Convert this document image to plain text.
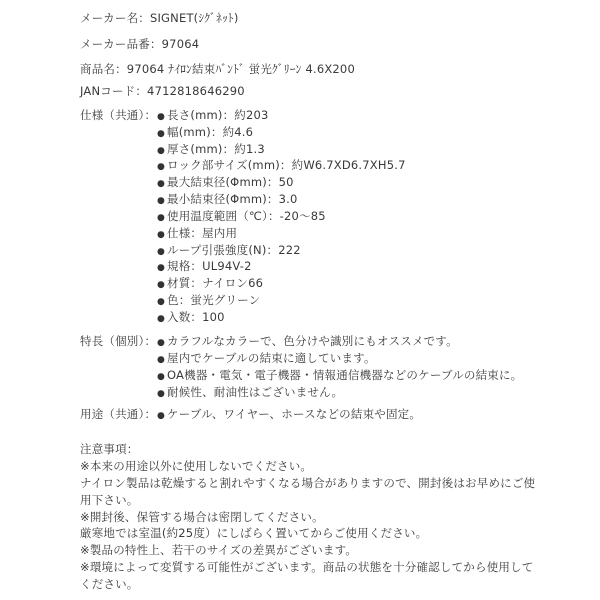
メーカー名：SIGNET(ｼｸﾞﾈｯﾄ)
メーカー品番：97064
商品名：97064 ﾅｲﾛﾝ結束ﾊﾞﾝﾄﾞ 蛍光ｸﾞﾘｰﾝ 4.6X200
JANコード：4712818646290
仕様（共通）： ● 長さ(mm)：約203
● 幅(mm)：約4.6
● 厚さ(mm)：約1.3
● ロック部サイズ(mm)：約W6.7XD6.7XH5.7
● 最大結束径(Φmm)：50
● 最小結束径(Φmm)：3.0
● 使用温度範囲（℃）：-20～85
● 仕様：屋内用
● ループ引張強度(N)：222
● 規格：UL94V-2
● 材質：ナイロン66
● 色：蛍光グリーン
● 入数：100
特長（個別）： ● カラフルなカラーで、色分けや識別にもオススメです。
● 屋内でケーブルの結束に適しています。
● OA機器・電気・電子機器・情報通信機器などのケーブルの結束に。
● 耐候性、耐油性はございません。
用途（共通）： ● ケーブル、ワイヤー、ホースなどの結束や固定。
注意事項：
※本来の用途以外に使用しないでください。
ナイロン製品は乾燥すると割れやすくなる場合がありますので、開封後はお早めにご使
用下さい。
※開封後、保管する場合は密閉してください。
厳寒地では室温(約25度）にしばらく置いてからご使用ください。
※製品の特性上、若干のサイズの差異がございます。
※環境によって変質する可能性がございます。商品の状態を十分確認してから使用して
ください。
